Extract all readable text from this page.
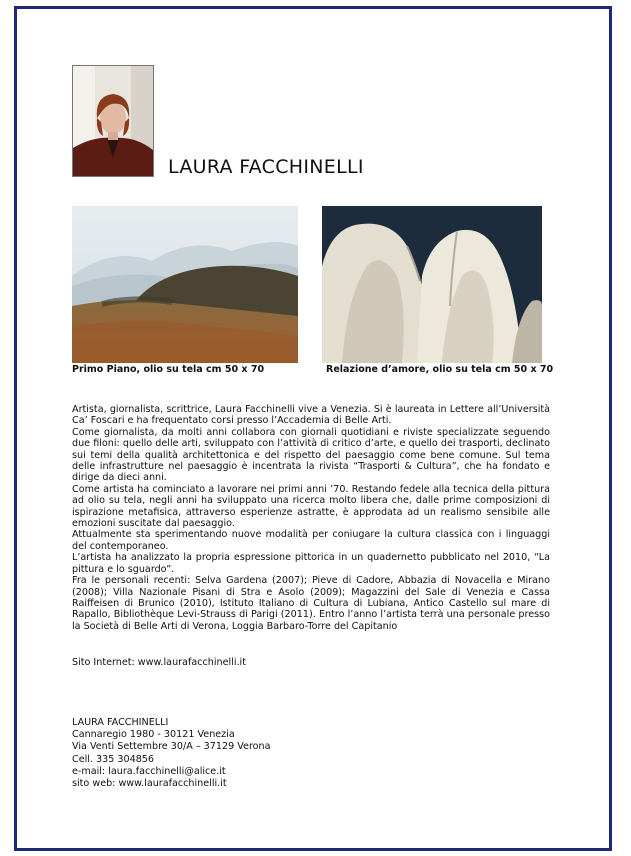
LAURA FACCHINELLI
Primo Piano, olio su tela cm 50 x 70	Relazione d’amore, olio su tela cm 50 x 70

Artista, giornalista, scrittrice, Laura Facchinelli vive a Venezia. Si è laureata in Lettere all’Università Ca’ Foscari e ha frequentato corsi presso l’Accademia di Belle Arti.

Come giornalista, da molti anni collabora con giornali quotidiani e riviste specializzate seguendo due filoni: quello delle arti, sviluppato con l’attività di critico d’arte, e quello dei trasporti, declinato sui temi della qualità architettonica e del rispetto del paesaggio come bene comune. Sul tema delle infrastrutture nel paesaggio è incentrata la rivista “Trasporti & Cultura”, che ha fondato e dirige da dieci anni.

Come artista ha cominciato a lavorare nei primi anni ’70. Restando fedele alla tecnica della pittura ad olio su tela, negli anni ha sviluppato una ricerca molto libera che, dalle prime composizioni di ispirazione metafisica, attraverso esperienze astratte, è approdata ad un realismo sensibile alle emozioni suscitate dal paesaggio.

Attualmente sta sperimentando nuove modalità per coniugare la cultura classica con i linguaggi del contemporaneo.

L’artista ha analizzato la propria espressione pittorica in un quadernetto pubblicato nel 2010, “La pittura e lo sguardo”.

Fra le personali recenti: Selva Gardena (2007); Pieve di Cadore, Abbazia di Novacella e Mirano (2008); Villa Nazionale Pisani di Stra e Asolo (2009); Magazzini del Sale di Venezia e Cassa Raiffeisen di Brunico (2010), Istituto Italiano di Cultura di Lubiana, Antico Castello sul mare di Rapallo, Bibliothèque Levi-Strauss di Parigi (2011). Entro l’anno l’artista terrà una personale presso la Società di Belle Arti di Verona, Loggia Barbaro-Torre del Capitanio

Sito Internet: www.laurafacchinelli.it
LAURA FACCHINELLI
Cannaregio 1980 - 30121 Venezia
Via Venti Settembre 30/A – 37129 Verona
Cell. 335 304856
e-mail: laura.facchinelli@alice.it
sito web: www.laurafacchinelli.it
